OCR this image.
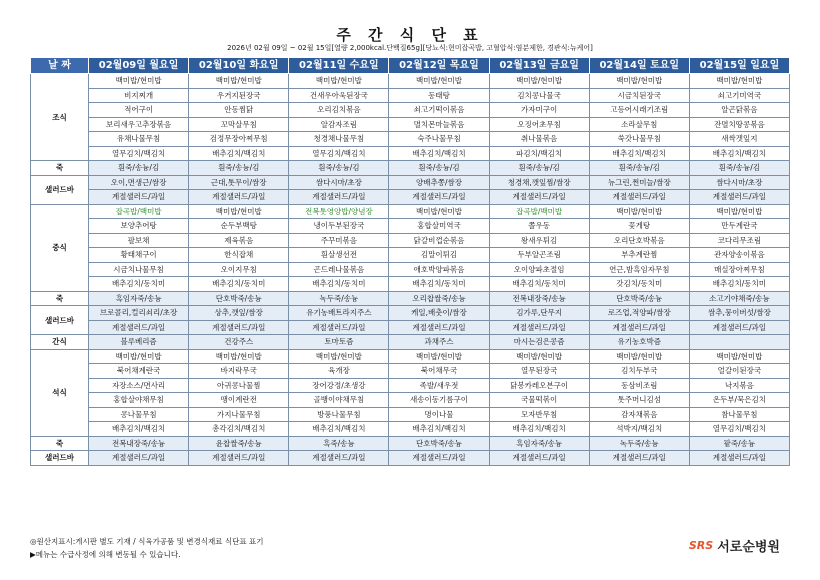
주 간 식 단 표
2026년 02월 09일 ~ 02월 15일[열량 2,000kcal.단백질65g][당뇨식:현미잡곡밥, 고혈압식:염분제한, 경관식:뉴케어]
날 짜	02월09일 월요일	02월10일 화요일	02월11일 수요일	02월12일 목요일	02월13일 금요일	02월14일 토요일	02월15일 일요일
조식	백미밥/현미밥	백미밥/현미밥	백미밥/현미밥	백미밥/현미밥	백미밥/현미밥	백미밥/현미밥	백미밥/현미밥
	비지찌개	우거지된장국	건새우아욱된장국	동태탕	김치콩나물국	시금치된장국	쇠고기미역국
	적어구이	안동찜닭	오리김치볶음	쇠고기떡이볶음	가자미구이	고등어시래기조림	알곤닭볶음
	보리새우고추장볶음	꼬막살무침	알감자조림	멸치몬마늘볶음	오징어초무침	소라살무침	잔멸치땅콩볶음
	유채나물무침	검정무장아찌무침	청경채나물무침	숙주나물무침	취나물볶음	쑥갓나물무침	새싹겟잎지
	열무김치/백김치	배추김치/백김치	열무김치/백김치	배추김치/백김치	파김치/백김치	배추김치/백김치	배추김치/백김치
죽	흰죽/송늉/김	흰죽/송늉/김	흰죽/송늉/김	흰죽/송늉/김	흰죽/송늉/김	흰죽/송늉/김	흰죽/송늉/김
샐러드바	오이,면생근/쌈장	근대,톳무이/쌈장	쌈다시마/초장	양배추쫑/쌈장	청경채,깻잎찜/쌈장	뉴그린,쩐미늘/쌈장	쌈다시마/초장
	계절샐러드/과일	계절샐러드/과일	계절샐러드/과일	계절샐러드/과일	계절샐러드/과일	계절샐러드/과일	계절샐러드/과일
중식	잡곡밥/백미밥	백미밥/현미밥	전복톳영양밥/양념장	백미밥/현미밥	잡곡밥/백미밥	백미밥/현미밥	백미밥/현미밥
	보양추어탕	순두부백탕	냉이두부된장국	홍합살미역국	쫄우동	꽃게탕	만두계란국
	팔보채	제육볶음	주꾸미볶음	닭갈비껍순볶음	왕새우튀김	오리단호박볶음	코다리무조림
	황태채구이	한식잡채	흰살생선전	김말이튀김	두부알곤조림	부추계란찜	관자양송이볶음
	시금치나물무침	오이지무침	곤드레나물볶음	애호박양파볶음	오이양파초절임	연근,밤흑임자무침	매실장아찌무침
	배추김치/동치미	배추김치/동치미	배추김치/동치미	배추김치/동치미	배추김치/동치미	갓김치/동치미	배추김치/동치미
죽	흑임자죽/송늉	단호박죽/송늉	녹두죽/송늉	오리찹쌀죽/송늉	전복내장죽/송늉	단호박죽/송늉	소고기야채죽/송늉
샐러드바	브로콜리,컬리쇠리/초장	상추,깻잎/쌈장	유기농배트라지주스	케일,배춧이/쌈장	김가루,단무지	로즈업,적양파/쌈장	쌈추,뭉이버섯/쌈장
	계절샐러드/과일	계절샐러드/과일	계절샐러드/과일	계절샐러드/과일	계절샐러드/과일	계절샐러드/과일	계절샐러드/과일
간식	블루베리즘	건강주스	토마토즘	과채주스	마시는검은콩즘	유기농호박즘	
석식	백미밥/현미밥	백미밥/현미밥	백미밥/현미밥	백미밥/현미밥	백미밥/현미밥	백미밥/현미밥	백미밥/현미밥
	북어채계란국	바지락무국	육개장	북어채무국	열무된장국	김치두부국	얼갈이된장국
	자장소스/면사리	아귀콩나물찜	장어강정/초생강	족발/새우젓	닭봉카레오븐구이	동삼비조림	낙지볶음
	홍합살야채무침	땡이계란전	골뱅이야채무침	새송이동기름구이	국물떡볶이	톳주머니김섬	온두부/묵은김치
	콩나물무침	가지나물무침	방풍나물무침	명이나물	모자반무침	감자채볶음	참나물무침
	배추김치/백김치	총각김치/백김치	배추김치/백김치	배추김치/백김치	배추김치/백김치	석박지/백김치	열무김치/백김치
죽	전복내장죽/송늉	윤찹쌀죽/송늉	흑죽/송늉	단호박죽/송늉	흑임자죽/송늉	녹두죽/송늉	팥죽/송늉
샐러드바	계절샐러드/과일	계절샐러드/과일	계절샐러드/과일	계절샐러드/과일	계절샐러드/과일	계절샐러드/과일	계절샐러드/과일
◎원산지표시:게시판 별도 기재 / 식육가공품 및 변경식재료 식단표 표기
▶메뉴는 수급사정에 의해 변동될 수 있습니다.
SRS 서로순병원
